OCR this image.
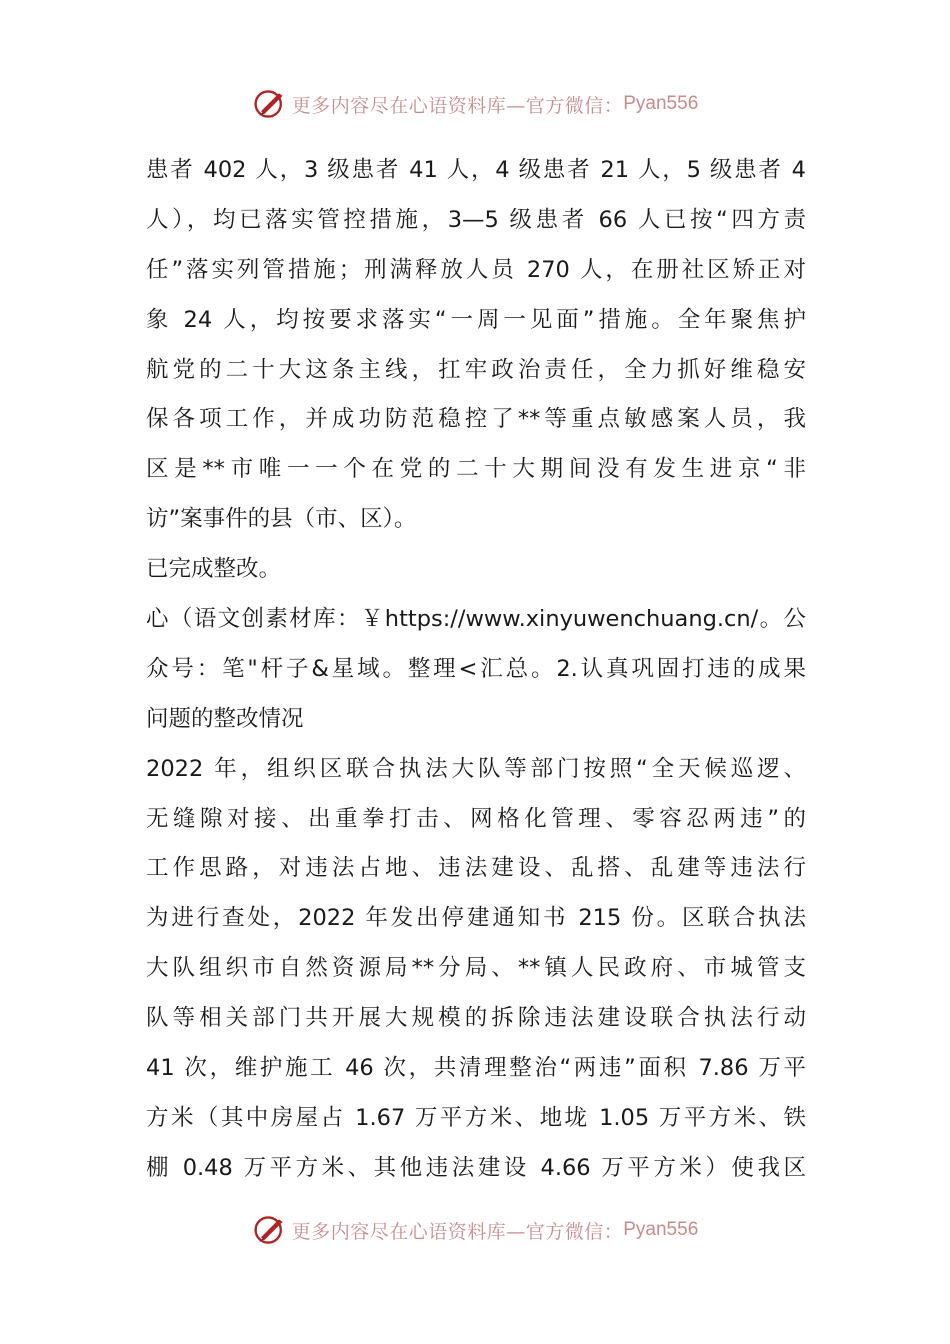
更多内容尽在心语资料库—官方微信： Pyan556
患者 402 人，3 级患者 41 人，4 级患者 21 人，5 级患者 4
人），均已落实管控措施，3—5 级患者 66 人已按“四方责
任”落实列管措施；刑满释放人员 270 人，在册社区矫正对
象 24 人，均按要求落实“一周一见面”措施。全年聚焦护
航党的二十大这条主线，扛牢政治责任，全力抓好维稳安
保各项工作，并成功防范稳控了**等重点敏感案人员，我
区是**市唯一一个在党的二十大期间没有发生进京“非
访”案事件的县（市、区）。
已完成整改。
心（语文创素材库：￥https://www.xinyuwenchuang.cn/。公
众号：笔"杆子&星域。整理<汇总。2.认真巩固打违的成果
问题的整改情况
2022 年，组织区联合执法大队等部门按照“全天候巡逻、
无缝隙对接、出重拳打击、网格化管理、零容忍两违”的
工作思路，对违法占地、违法建设、乱搭、乱建等违法行
为进行查处，2022 年发出停建通知书 215 份。区联合执法
大队组织市自然资源局**分局、**镇人民政府、市城管支
队等相关部门共开展大规模的拆除违法建设联合执法行动
41 次，维护施工 46 次，共清理整治“两违”面积 7.86 万平
方米（其中房屋占 1.67 万平方米、地垅 1.05 万平方米、铁
棚 0.48 万平方米、其他违法建设 4.66 万平方米）使我区
更多内容尽在心语资料库—官方微信： Pyan556
